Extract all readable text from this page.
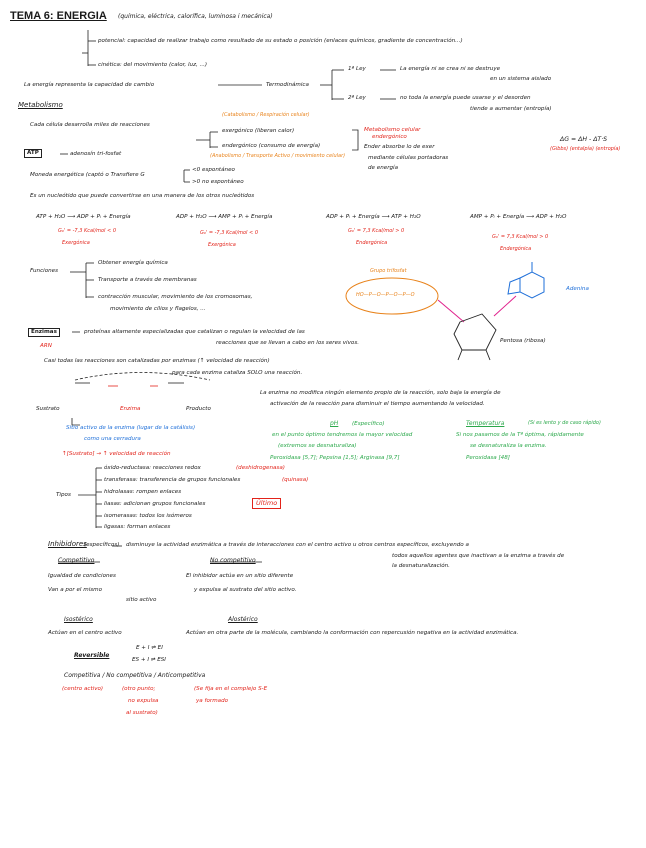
TEMA 6: ENERGIA (química, eléctrica, calorífica, luminosa i mecánica)
potencial: capacidad de realizar trabajo como resultado de su estado o posición (enlaces químicos, gradiente de concentración...)
cinética: del movimiento (calor, luz, ...)
La energía representa la capacidad de cambio	Termodinámica
1ª Ley	La energía ni se crea ni se destruye
en un sistema aislado
2ª Ley	no toda la energía puede usarse y el desorden
tiende a aumentar (entropía)
ΔG = ΔH - ΔT·S
(Gibbs) (entalpía) (entropía)
Metabolismo
Cada célula desarrolla miles de reacciones
(Catabolismo / Respiración celular)
exergónico (liberan calor)
endergónico (consumo de energía)
(Anabolismo / Transporte Activo / movimiento celular)
Metabolismo celular
endergónico
Ender absorbe lo de exer
mediante células portadoras
de energía
ATP	adenosín tri-fosfat
Moneda energética (captó o Transfiere G
<0 espontáneo
>0 no espontáneo
Es un nucleótido que puede convertirse en una manera de los otros nucleótidos
ATP + H₂O ⟶ ADP + Pᵢ + Energía
G₀' = -7,3 Kcal/mol < 0
Exergónica
ADP + H₂O ⟶ AMP + Pᵢ + Energía
G₀' = -7,3 Kcal/mol < 0
Exergónica
ADP + Pᵢ + Energía ⟶ ATP + H₂O
G₀' = 7,3 Kcal/mol > 0
Endergónica
AMP + Pᵢ + Energía ⟶ ADP + H₂O
G₀' = 7,3 Kcal/mol > 0
Endergónica
Funciones
Obtener energía química
Transporte a través de membranas
contracción muscular, movimiento de los cromosomas,
movimiento de cilios y flagelos, ...
Grupo trifosfat
HO—P—O—P—O—P—O
Adenina
Pentosa (ribosa)
Enzimas	proteínas altamente especializadas que catalizan o regulan la velocidad de las
reacciones que se llevan a cabo en los seres vivos.
ARN
Casi todas las reacciones son catalizadas por enzimas (↑ velocidad de reacción)
para cada enzima cataliza SOLO una reacción.
Sustrato	Enzima	Producto
Sitio activo de la enzima (lugar de la catálisis)
como una cerradura
↑[Sustrato] → ↑ velocidad de reacción
La enzima no modifica ningún elemento propio de la reacción, solo baja la energía de
activación de la reacción para disminuir el tiempo aumentando la velocidad.
pH (Específico)
en el punto óptimo tendremos la mayor velocidad
(extremos se desnaturaliza)
Peroxidasa [5,7]; Pepsina [1,5]; Arginasa [9,7]
Temperatura	(Si es lento y de caso rápido)
Si nos pasamos de la Tª óptima, rápidamente
se desnaturaliza la enzima.
Peroxidasa [48]
Tipos
óxido-reductasa: reacciones redox	(deshidrogenasa)
transferasa: transferencia de grupos funcionales	(quinasa)
hidrolasas: rompen enlaces
liasas: adicionan grupos funcionales
isomerasas: todos los isómeros
ligasas: forman enlaces
Último
Inhibidores
(específicos) disminuye la actividad enzimática a través de interacciones con el centro activo u otros centros específicos, excluyendo a
todos aquellos agentes que inactivan a la enzima a través de
la desnaturalización.
Competitivo
Igualdad de condiciones
Van a por el mismo
sitio activo
No competitivo
El inhibidor actúa en un sitio diferente
y expulsa al sustrato del sitio activo.
Isostérico
Actúan en el centro activo
Alostérico
Actúan en otra parte de la molécula, cambiando la conformación con repercusión negativa en la actividad enzimática.
Reversible
E + I ⇌ EI
ES + I ⇌ ESI
Competitiva / No competitiva / Anticompetitiva
(centro activo)	(otro punto;
no expulsa
al sustrato)
(Se fija en el complejo S-E
ya formado
